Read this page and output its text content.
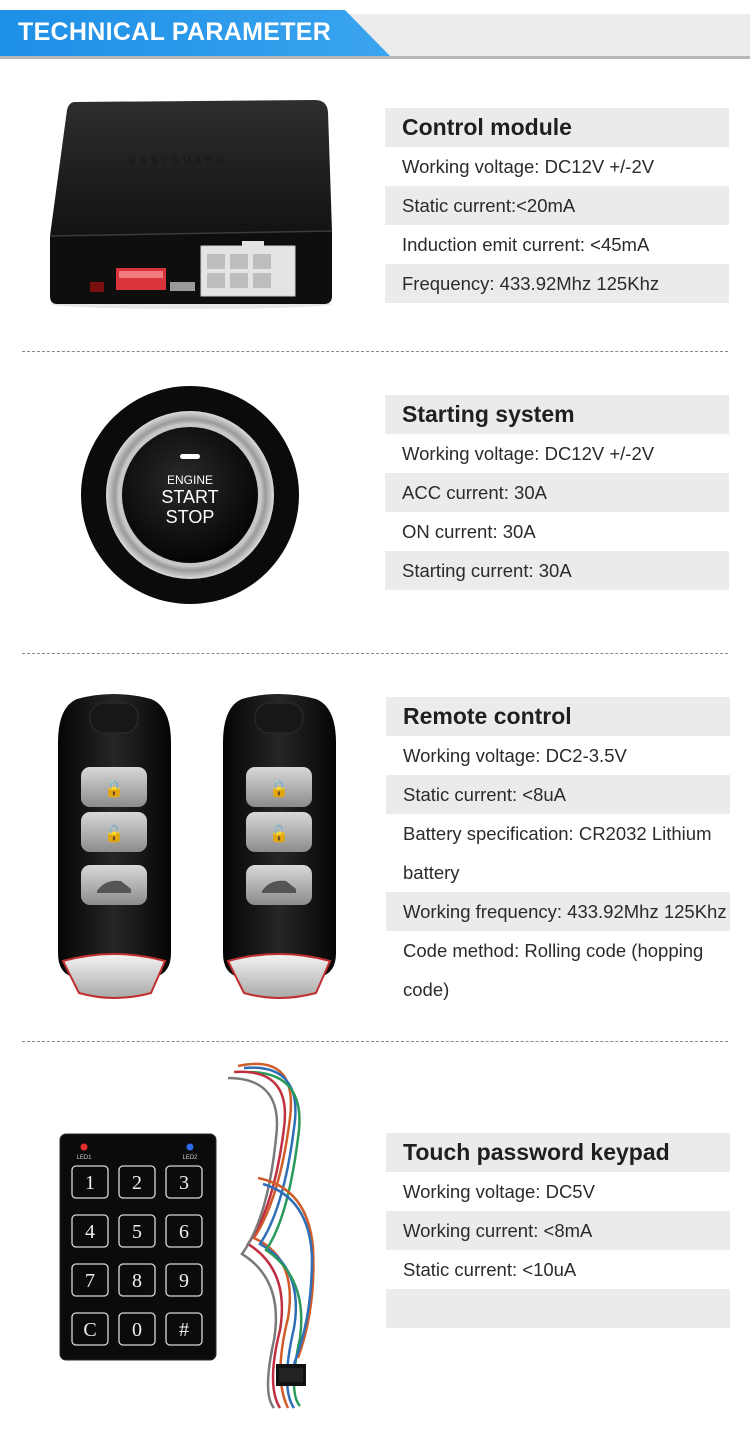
TECHNICAL PARAMETER
EASYGUARD
Control module
Working voltage: DC12V +/-2V
Static current:<20mA
Induction emit current: <45mA
Frequency: 433.92Mhz 125Khz
ENGINE
START
STOP
Starting system
Working voltage: DC12V +/-2V
ACC current: 30A
ON current: 30A
Starting current: 30A
🔒
🔓
🔒
🔓
Remote control
Working voltage: DC2-3.5V
Static current: <8uA
Battery specification: CR2032 Lithium battery
Working frequency: 433.92Mhz 125Khz
Code method: Rolling code (hopping code)
LED1	LED2
1 2 3
4 5 6
7 8 9
C 0 #
Touch password keypad
Working voltage: DC5V
Working current: <8mA
Static current: <10uA
